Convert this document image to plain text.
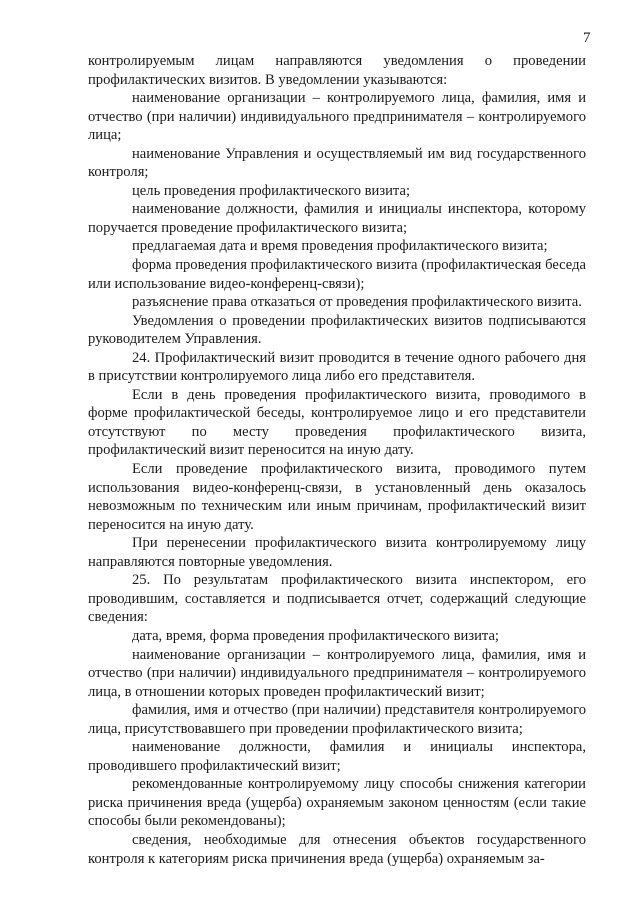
7

контролируемым лицам направляются уведомления о проведении профилактических визитов. В уведомлении указываются:

наименование организации – контролируемого лица, фамилия, имя и отчество (при наличии) индивидуального предпринимателя – контролируемого лица;

наименование Управления и осуществляемый им вид государственного контроля;

цель проведения профилактического визита;

наименование должности, фамилия и инициалы инспектора, которому поручается проведение профилактического визита;

предлагаемая дата и время проведения профилактического визита;

форма проведения профилактического визита (профилактическая беседа или использование видео-конференц-связи);

разъяснение права отказаться от проведения профилактического визита.

Уведомления о проведении профилактических визитов подписываются руководителем Управления.

24. Профилактический визит проводится в течение одного рабочего дня в присутствии контролируемого лица либо его представителя.

Если в день проведения профилактического визита, проводимого в форме профилактической беседы, контролируемое лицо и его представители отсутствуют по месту проведения профилактического визита, профилактический визит переносится на иную дату.

Если проведение профилактического визита, проводимого путем использования видео-конференц-связи, в установленный день оказалось невозможным по техническим или иным причинам, профилактический визит переносится на иную дату.

При перенесении профилактического визита контролируемому лицу направляются повторные уведомления.

25. По результатам профилактического визита инспектором, его проводившим, составляется и подписывается отчет, содержащий следующие сведения:

дата, время, форма проведения профилактического визита;

наименование организации – контролируемого лица, фамилия, имя и отчество (при наличии) индивидуального предпринимателя – контролируемого лица, в отношении которых проведен профилактический визит;

фамилия, имя и отчество (при наличии) представителя контролируемого лица, присутствовавшего при проведении профилактического визита;

наименование должности, фамилия и инициалы инспектора, проводившего профилактический визит;

рекомендованные контролируемому лицу способы снижения категории риска причинения вреда (ущерба) охраняемым законом ценностям (если такие способы были рекомендованы);

сведения, необходимые для отнесения объектов государственного контроля к категориям риска причинения вреда (ущерба) охраняемым за-
